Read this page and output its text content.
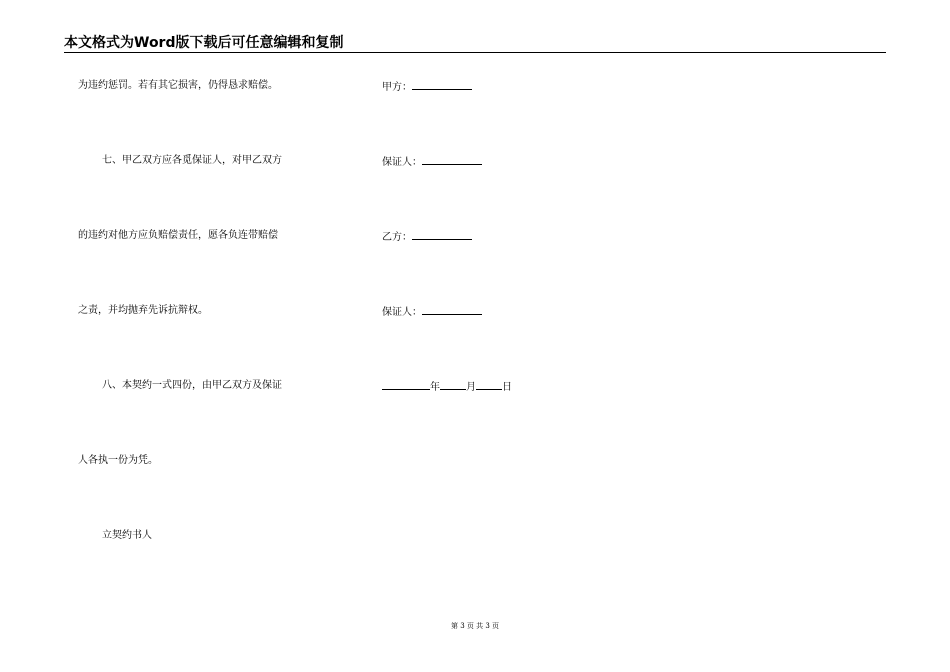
本文格式为Word版下载后可任意编辑和复制
为违约惩罚。若有其它损害，仍得恳求赔偿。
七、甲乙双方应各觅保证人，对甲乙双方
的违约对他方应负赔偿责任，愿各负连带赔偿
之责，并均抛弃先诉抗辩权。
八、本契约一式四份，由甲乙双方及保证
人各执一份为凭。
立契约书人
甲方：
保证人：
乙方：
保证人：
年	月	日
第 3 页 共 3 页
